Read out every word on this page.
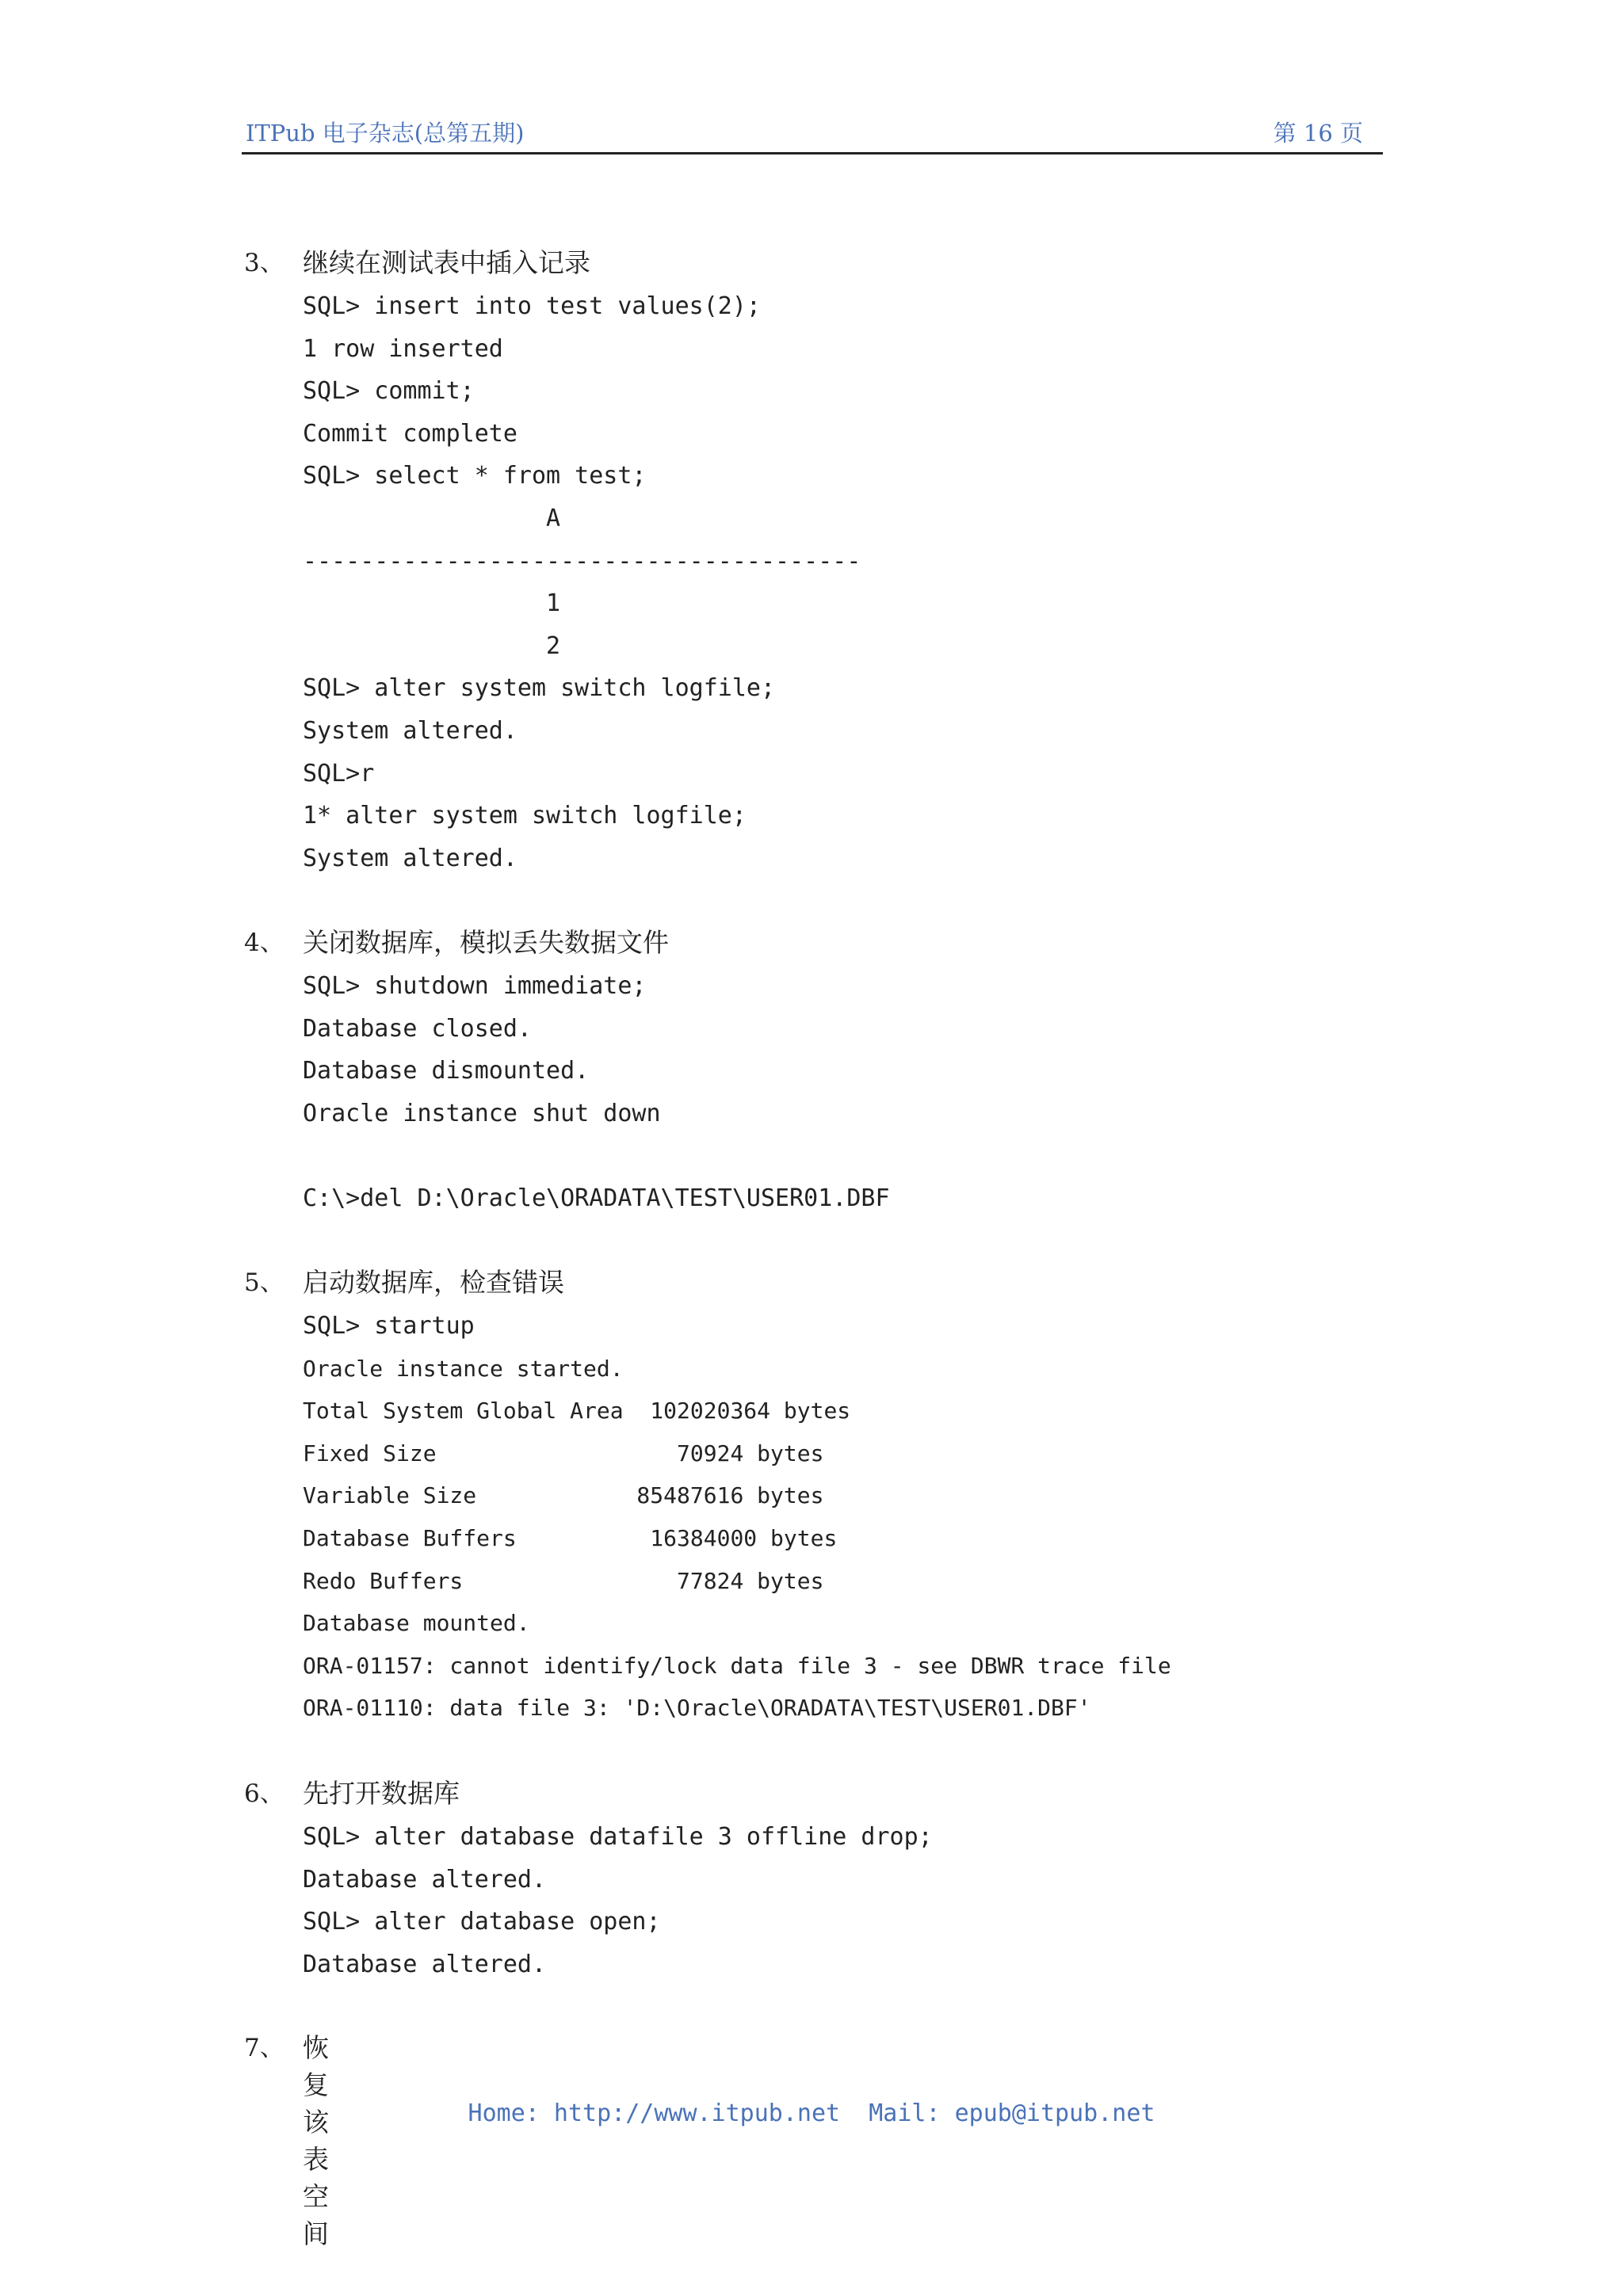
ITPub 电子杂志(总第五期)	第 16 页
3、 继续在测试表中插入记录
SQL> insert into test values(2);
1 row inserted
SQL> commit;
Commit complete
SQL> select * from test;
A
---------------------------------------
1
2
SQL> alter system switch logfile;
System altered.
SQL>r
1* alter system switch logfile;
System altered.
4、 关闭数据库，模拟丢失数据文件
SQL> shutdown immediate;
Database closed.
Database dismounted.
Oracle instance shut down
C:\>del D:\Oracle\ORADATA\TEST\USER01.DBF
5、 启动数据库，检查错误
SQL> startup
Oracle instance started.
Total System Global Area  102020364 bytes
Fixed Size                  70924 bytes
Variable Size            85487616 bytes
Database Buffers          16384000 bytes
Redo Buffers                77824 bytes
Database mounted.
ORA-01157: cannot identify/lock data file 3 - see DBWR trace file
ORA-01110: data file 3: 'D:\Oracle\ORADATA\TEST\USER01.DBF'
6、 先打开数据库
SQL> alter database datafile 3 offline drop;
Database altered.
SQL> alter database open;
Database altered.
7、 恢复该表空间
Home: http://www.itpub.net  Mail: epub@itpub.net
